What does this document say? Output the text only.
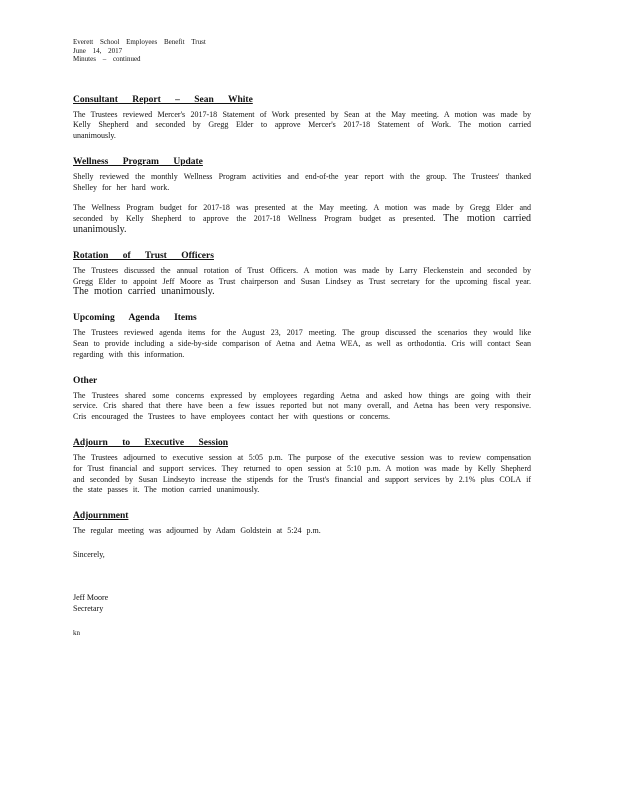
Everett School Employees Benefit Trust
June 14, 2017
Minutes – continued

Consultant Report – Sean White

The Trustees reviewed Mercer's 2017-18 Statement of Work presented by Sean at the May meeting. A motion was made by Kelly Shepherd and seconded by Gregg Elder to approve Mercer's 2017-18 Statement of Work. The motion carried unanimously.

Wellness Program Update

Shelly reviewed the monthly Wellness Program activities and end-of-the year report with the group. The Trustees' thanked Shelley for her hard work.

The Wellness Program budget for 2017-18 was presented at the May meeting. A motion was made by Gregg Elder and seconded by Kelly Shepherd to approve the 2017-18 Wellness Program budget as presented. The motion carried unanimously.

Rotation of Trust Officers

The Trustees discussed the annual rotation of Trust Officers. A motion was made by Larry Fleckenstein and seconded by Gregg Elder to appoint Jeff Moore as Trust chairperson and Susan Lindsey as Trust secretary for the upcoming fiscal year. The motion carried unanimously.

Upcoming Agenda Items

The Trustees reviewed agenda items for the August 23, 2017 meeting. The group discussed the scenarios they would like Sean to provide including a side-by-side comparison of Aetna and Aetna WEA, as well as orthodontia. Cris will contact Sean regarding with this information.

Other

The Trustees shared some concerns expressed by employees regarding Aetna and asked how things are going with their service. Cris shared that there have been a few issues reported but not many overall, and Aetna has been very responsive. Cris encouraged the Trustees to have employees contact her with questions or concerns.

Adjourn to Executive Session

The Trustees adjourned to executive session at 5:05 p.m. The purpose of the executive session was to review compensation for Trust financial and support services. They returned to open session at 5:10 p.m. A motion was made by Kelly Shepherd and seconded by Susan Lindseyto increase the stipends for the Trust's financial and support services by 2.1% plus COLA if the state passes it. The motion carried unanimously.

Adjournment

The regular meeting was adjourned by Adam Goldstein at 5:24 p.m.

Sincerely,
Jeff Moore
Secretary
kn
